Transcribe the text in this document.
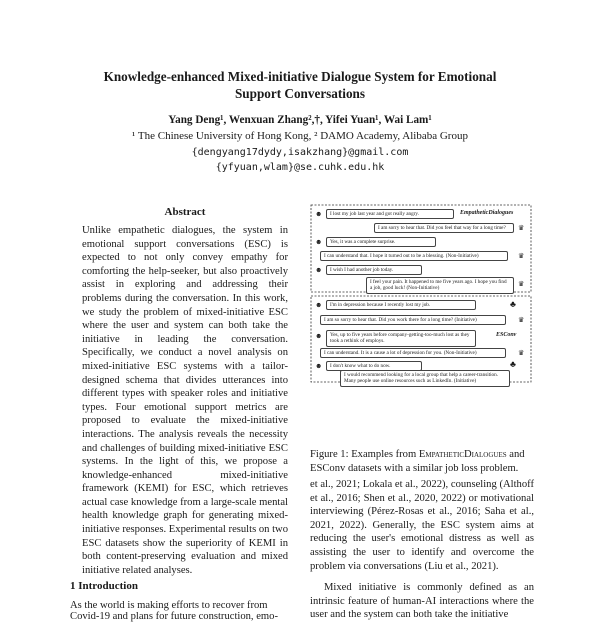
Knowledge-enhanced Mixed-initiative Dialogue System for Emotional
Support Conversations
Yang Deng¹, Wenxuan Zhang²,†, Yifei Yuan¹, Wai Lam¹
¹ The Chinese University of Hong Kong, ² DAMO Academy, Alibaba Group
{dengyang17dydy,isakzhang}@gmail.com
{yfyuan,wlam}@se.cuhk.edu.hk
Abstract
Unlike empathetic dialogues, the system in emotional support conversations (ESC) is expected to not only convey empathy for comforting the help-seeker, but also proactively assist in exploring and addressing their problems during the conversation. In this work, we study the problem of mixed-initiative ESC where the user and system can both take the initiative in leading the conversation. Specifically, we conduct a novel analysis on mixed-initiative ESC systems with a tailor-designed schema that divides utterances into different types with speaker roles and initiative types. Four emotional support metrics are proposed to evaluate the mixed-initiative interactions. The analysis reveals the necessity and challenges of building mixed-initiative ESC systems. In the light of this, we propose a knowledge-enhanced mixed-initiative framework (KEMI) for ESC, which retrieves actual case knowledge from a large-scale mental health knowledge graph for generating mixed-initiative responses. Experimental results on two ESC datasets show the superiority of KEMI in both content-preserving evaluation and mixed initiative related analyses.
1 Introduction
As the world is making efforts to recover from Covid-19 and plans for future construction, emo-
EmpatheticDialogues
ESConv
☻	I lost my job last year and got really angry.
I am sorry to hear that. Did you feel that way for a long time?	♛
☻	Yes, it was a complete surprise.
I can understand that. I hope it turned out to be a blessing. (Non-Initiative)	♛
☻	I wish I had another job today.
I feel your pain. It happened to me five years ago. I hope you find a job, good luck! (Non-Initiative)
♛
☻	I'm in depression because I recently lost my job.	♣
I am so sorry to hear that. Did you work there for a long time? (Initiative)	♛
☻	Yes, up to five years before company-getting-too-much lost as they took a rethink of employs.
I can understand. It is a cause a lot of depression for you. (Non-Initiative)	♛
☻	I don't know what to do now.	♣
I would recommend looking for a local group that help a career-transition. Many people use online resources such as LinkedIn. (Initiative)
Figure 1: Examples from EmpatheticDialogues and ESConv datasets with a similar job loss problem.

et al., 2021; Lokala et al., 2022), counseling (Althoff et al., 2016; Shen et al., 2020, 2022) or motivational interviewing (Pérez-Rosas et al., 2016; Saha et al., 2021, 2022). Generally, the ESC system aims at reducing the user's emotional distress as well as assisting the user to identify and overcome the problem via conversations (Liu et al., 2021).

Mixed initiative is commonly defined as an intrinsic feature of human-AI interactions where the user and the system can both take the initiative
